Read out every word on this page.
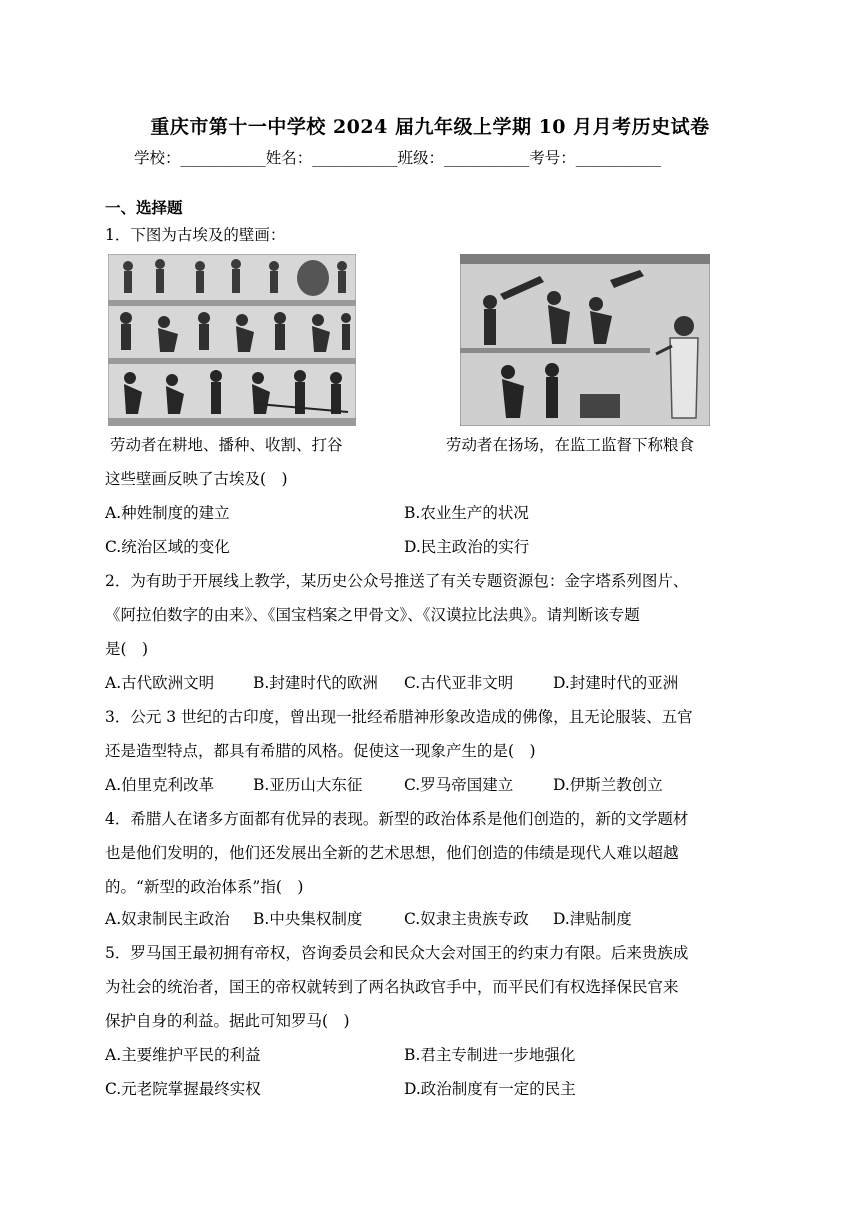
重庆市第十一中学校 2024 届九年级上学期 10 月月考历史试卷
学校：___________姓名：___________班级：___________考号：___________
一、选择题
1．下图为古埃及的壁画：
劳动者在耕地、播种、收割、打谷	劳动者在扬场，在监工监督下称粮食
这些壁画反映了古埃及(　)
A.种姓制度的建立	B.农业生产的状况
C.统治区域的变化	D.民主政治的实行
2．为有助于开展线上教学，某历史公众号推送了有关专题资源包：金字塔系列图片、
《阿拉伯数字的由来》、《国宝档案之甲骨文》、《汉谟拉比法典》。请判断该专题
是(　)
A.古代欧洲文明	B.封建时代的欧洲 C.古代亚非文明	D.封建时代的亚洲
3．公元 3 世纪的古印度，曾出现一批经希腊神形象改造成的佛像，且无论服装、五官
还是造型特点，都具有希腊的风格。促使这一现象产生的是(　)
A.伯里克利改革	B.亚历山大东征	C.罗马帝国建立	D.伊斯兰教创立
4．希腊人在诸多方面都有优异的表现。新型的政治体系是他们创造的，新的文学题材
也是他们发明的，他们还发展出全新的艺术思想，他们创造的伟绩是现代人难以超越
的。“新型的政治体系”指(　)
A.奴隶制民主政治 B.中央集权制度	C.奴隶主贵族专政 D.津贴制度
5．罗马国王最初拥有帝权，咨询委员会和民众大会对国王的约束力有限。后来贵族成
为社会的统治者，国王的帝权就转到了两名执政官手中，而平民们有权选择保民官来
保护自身的利益。据此可知罗马(　)
A.主要维护平民的利益	B.君主专制进一步地强化
C.元老院掌握最终实权	D.政治制度有一定的民主
